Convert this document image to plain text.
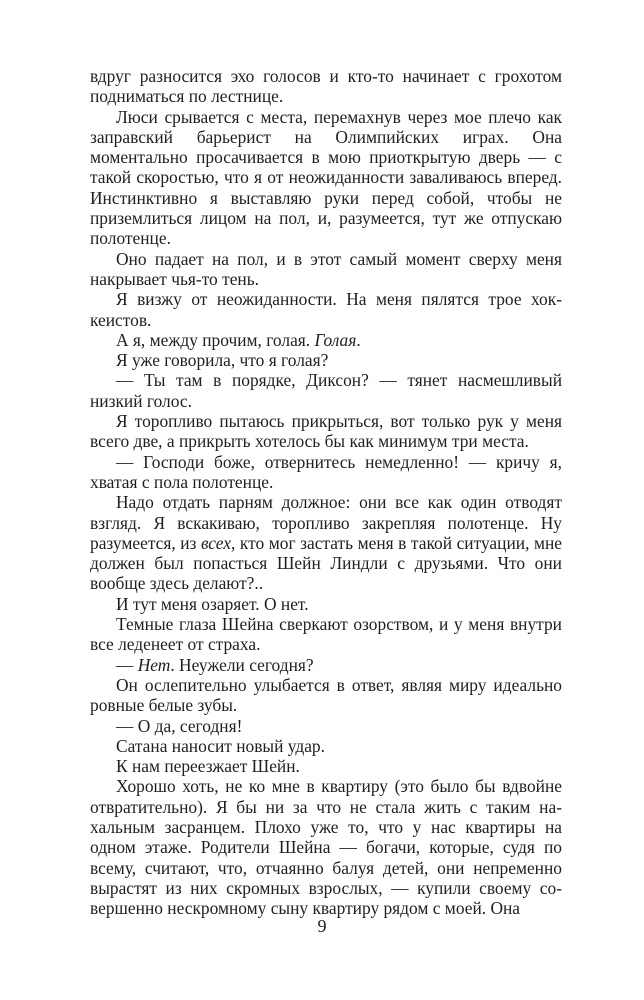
вдруг разносится эхо голосов и кто-то начинает с грохотом подниматься по лестнице.

Люси срывается с места, перемахнув через мое плечо как заправский барьерист на Олимпийских играх. Она моментально просачивается в мою приоткрытую дверь — с такой скоростью, что я от неожиданности заваливаюсь вперед. Инстинктивно я выставляю руки перед собой, чтобы не приземлиться лицом на пол, и, разумеется, тут же отпускаю полотенце.

Оно падает на пол, и в этот самый момент сверху меня накрывает чья-то тень.

Я визжу от неожиданности. На меня пялятся трое хоккеистов.

А я, между прочим, голая. Голая.

Я уже говорила, что я голая?

— Ты там в порядке, Диксон? — тянет насмешливый низкий голос.

Я торопливо пытаюсь прикрыться, вот только рук у меня всего две, а прикрыть хотелось бы как минимум три места.

— Господи боже, отвернитесь немедленно! — кричу я, хватая с пола полотенце.

Надо отдать парням должное: они все как один отводят взгляд. Я вскакиваю, торопливо закрепляя полотенце. Ну разумеется, из всех, кто мог застать меня в такой ситуации, мне должен был попасться Шейн Линдли с друзьями. Что они вообще здесь делают?..

И тут меня озаряет. О нет.

Темные глаза Шейна сверкают озорством, и у меня внутри все леденеет от страха.

— Нет. Неужели сегодня?

Он ослепительно улыбается в ответ, являя миру идеально ровные белые зубы.

— О да, сегодня!

Сатана наносит новый удар.

К нам переезжает Шейн.

Хорошо хоть, не ко мне в квартиру (это было бы вдвойне отвратительно). Я бы ни за что не стала жить с таким нахальным засранцем. Плохо уже то, что у нас квартиры на одном этаже. Родители Шейна — богачи, которые, судя по всему, считают, что, отчаянно балуя детей, они непременно вырастят из них скромных взрослых, — купили своему совершенно нескромному сыну квартиру рядом с моей. Она

9
